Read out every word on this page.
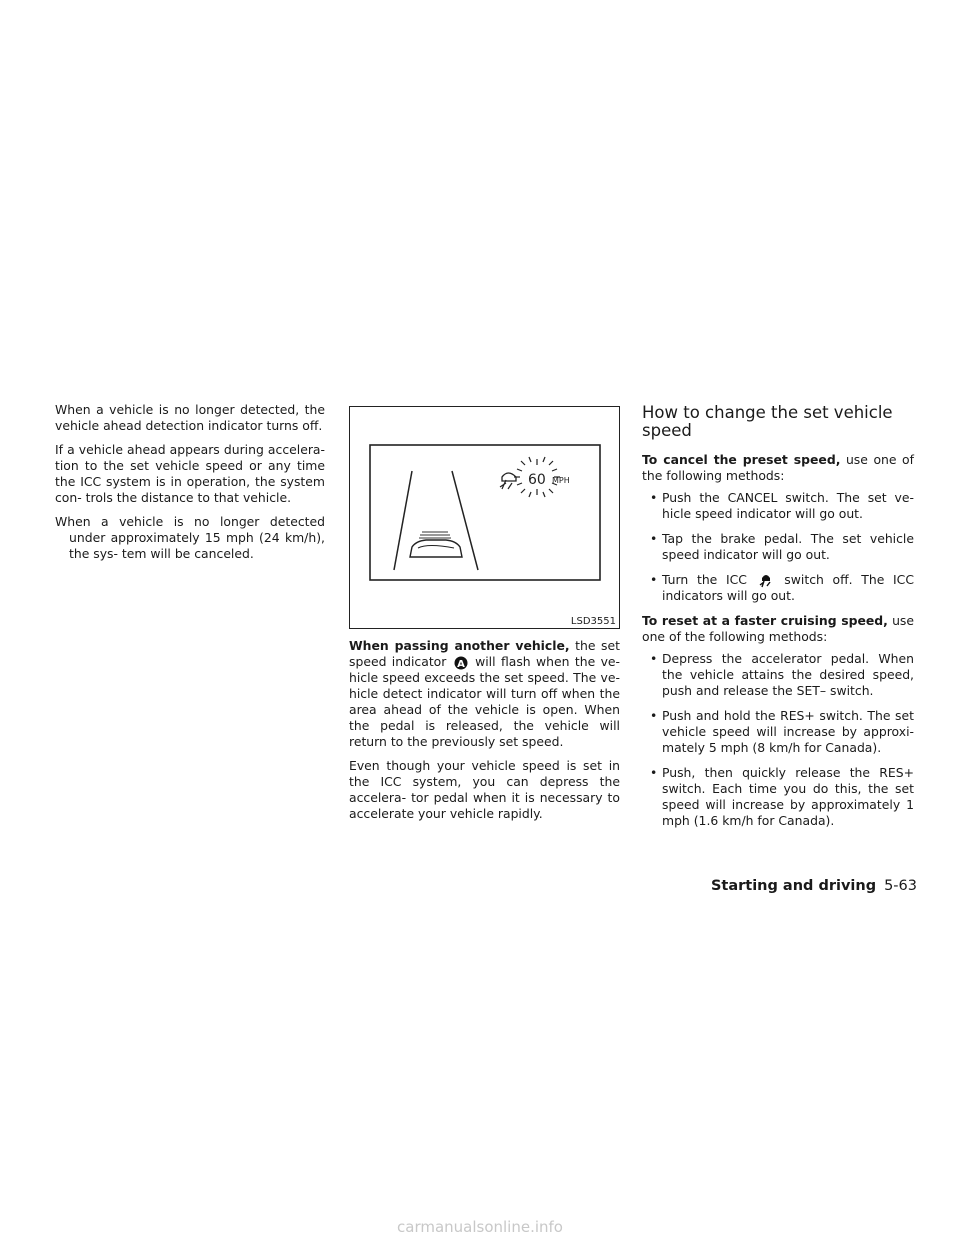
When a vehicle is no longer detected, the vehicle ahead detection indicator turns off.

If a vehicle ahead appears during accelera- tion to the set vehicle speed or any time the ICC system is in operation, the system con- trols the distance to that vehicle.

When a vehicle is no longer detected under approximately 15 mph (24 km/h), the sys- tem will be canceled.

60 MPH
LSD3551

When passing another vehicle, the set speed indicator A will flash when the ve- hicle speed exceeds the set speed. The ve- hicle detect indicator will turn off when the area ahead of the vehicle is open. When the pedal is released, the vehicle will return to the previously set speed.

Even though your vehicle speed is set in the ICC system, you can depress the accelera- tor pedal when it is necessary to accelerate your vehicle rapidly.

How to change the set vehicle speed

To cancel the preset speed, use one of the following methods:

• Push the CANCEL switch. The set ve- hicle speed indicator will go out.
• Tap the brake pedal. The set vehicle speed indicator will go out.
• Turn the ICC  switch off. The ICC indicators will go out.

To reset at a faster cruising speed, use one of the following methods:

• Depress the accelerator pedal. When the vehicle attains the desired speed, push and release the SET– switch.
• Push and hold the RES+ switch. The set vehicle speed will increase by approxi- mately 5 mph (8 km/h for Canada).
• Push, then quickly release the RES+ switch. Each time you do this, the set speed will increase by approximately 1 mph (1.6 km/h for Canada).
Starting and driving 5-63
carmanualsonline.info
